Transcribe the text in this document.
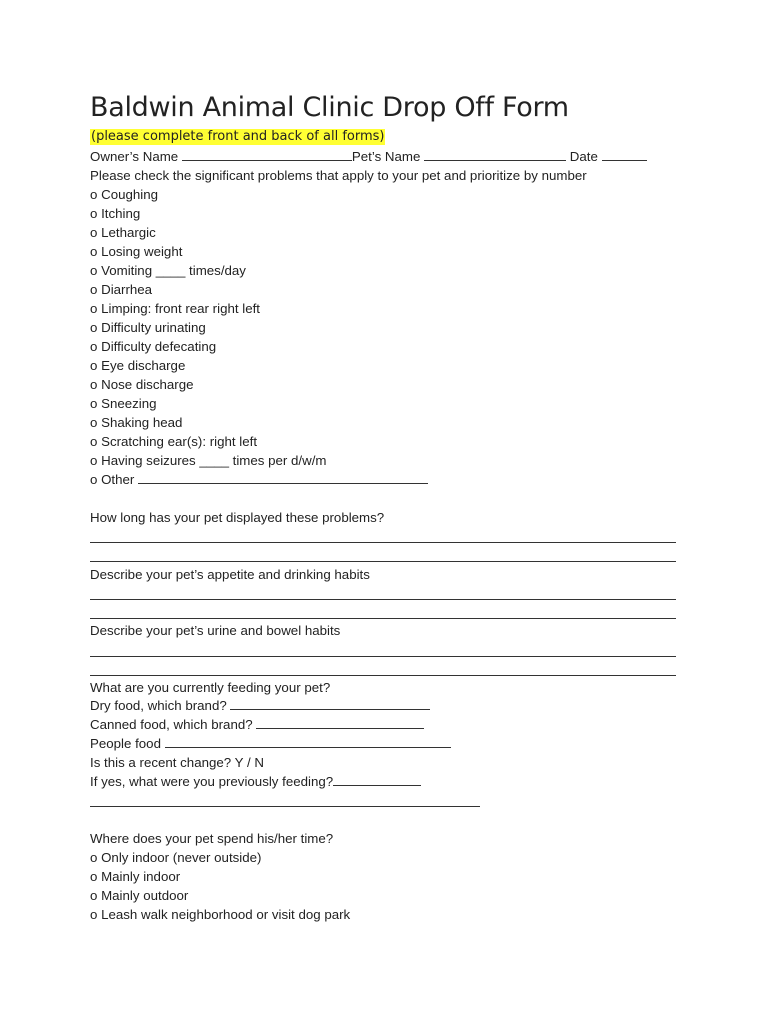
Baldwin Animal Clinic Drop Off Form
(please complete front and back of all forms)
Owner’s Name	Pet’s Name	Date
Please check the significant problems that apply to your pet and prioritize by number
o Coughing
o Itching
o Lethargic
o Losing weight
o Vomiting ____ times/day
o Diarrhea
o Limping: front rear right left
o Difficulty urinating
o Difficulty defecating
o Eye discharge
o Nose discharge
o Sneezing
o Shaking head
o Scratching ear(s): right left
o Having seizures ____ times per d/w/m
o Other
How long has your pet displayed these problems?
Describe your pet’s appetite and drinking habits
Describe your pet’s urine and bowel habits
What are you currently feeding your pet?
Dry food, which brand?
Canned food, which brand?
People food
Is this a recent change? Y / N
If yes, what were you previously feeding?
Where does your pet spend his/her time?
o Only indoor (never outside)
o Mainly indoor
o Mainly outdoor
o Leash walk neighborhood or visit dog park
